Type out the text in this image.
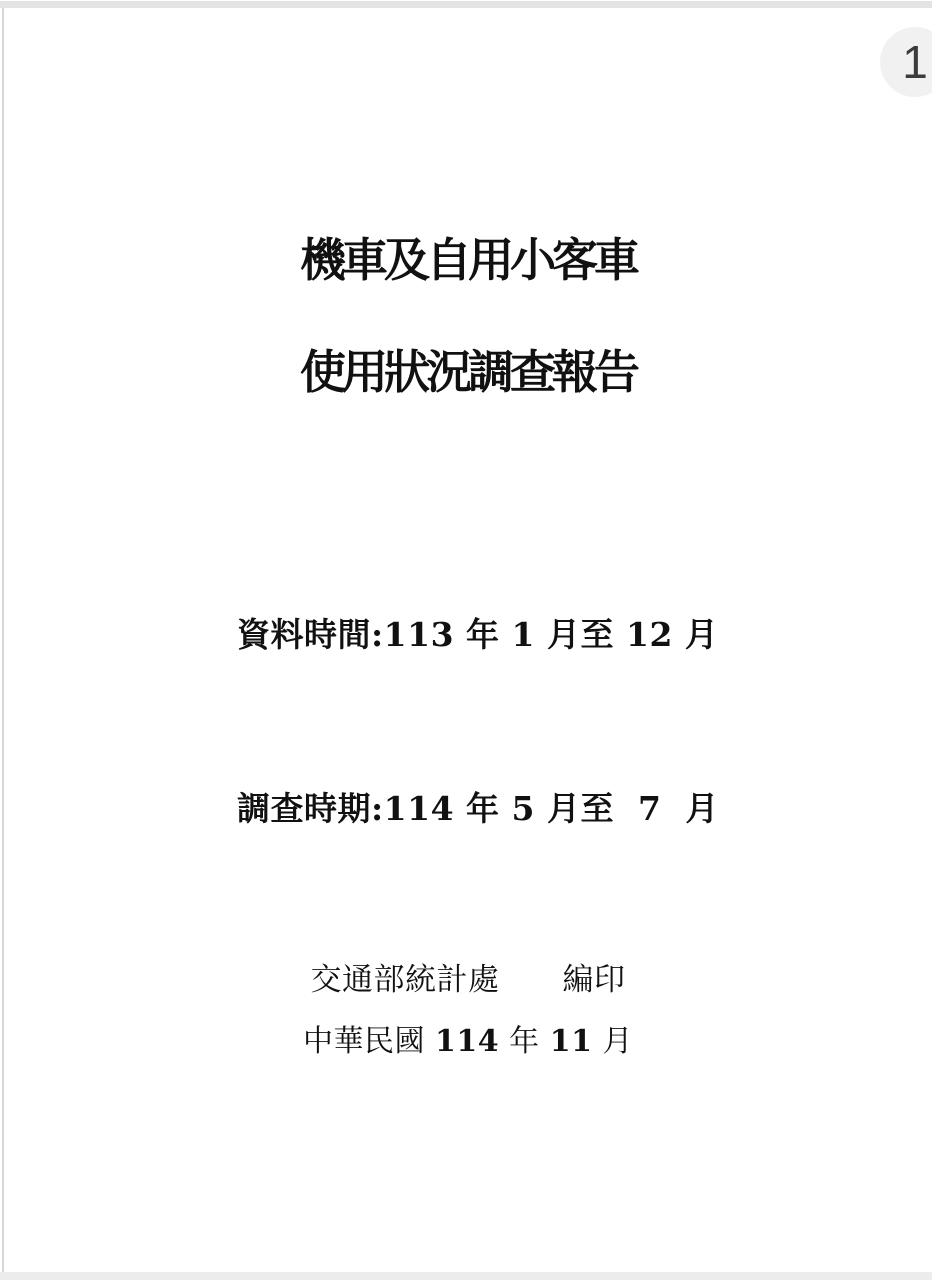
機車及自用小客車
使用狀況調查報告

資料時間:113 年 1 月至 12 月

調查時期:114 年 5 月至  7  月

交通部統計處　　編印
中華民國 114 年 11 月
1
